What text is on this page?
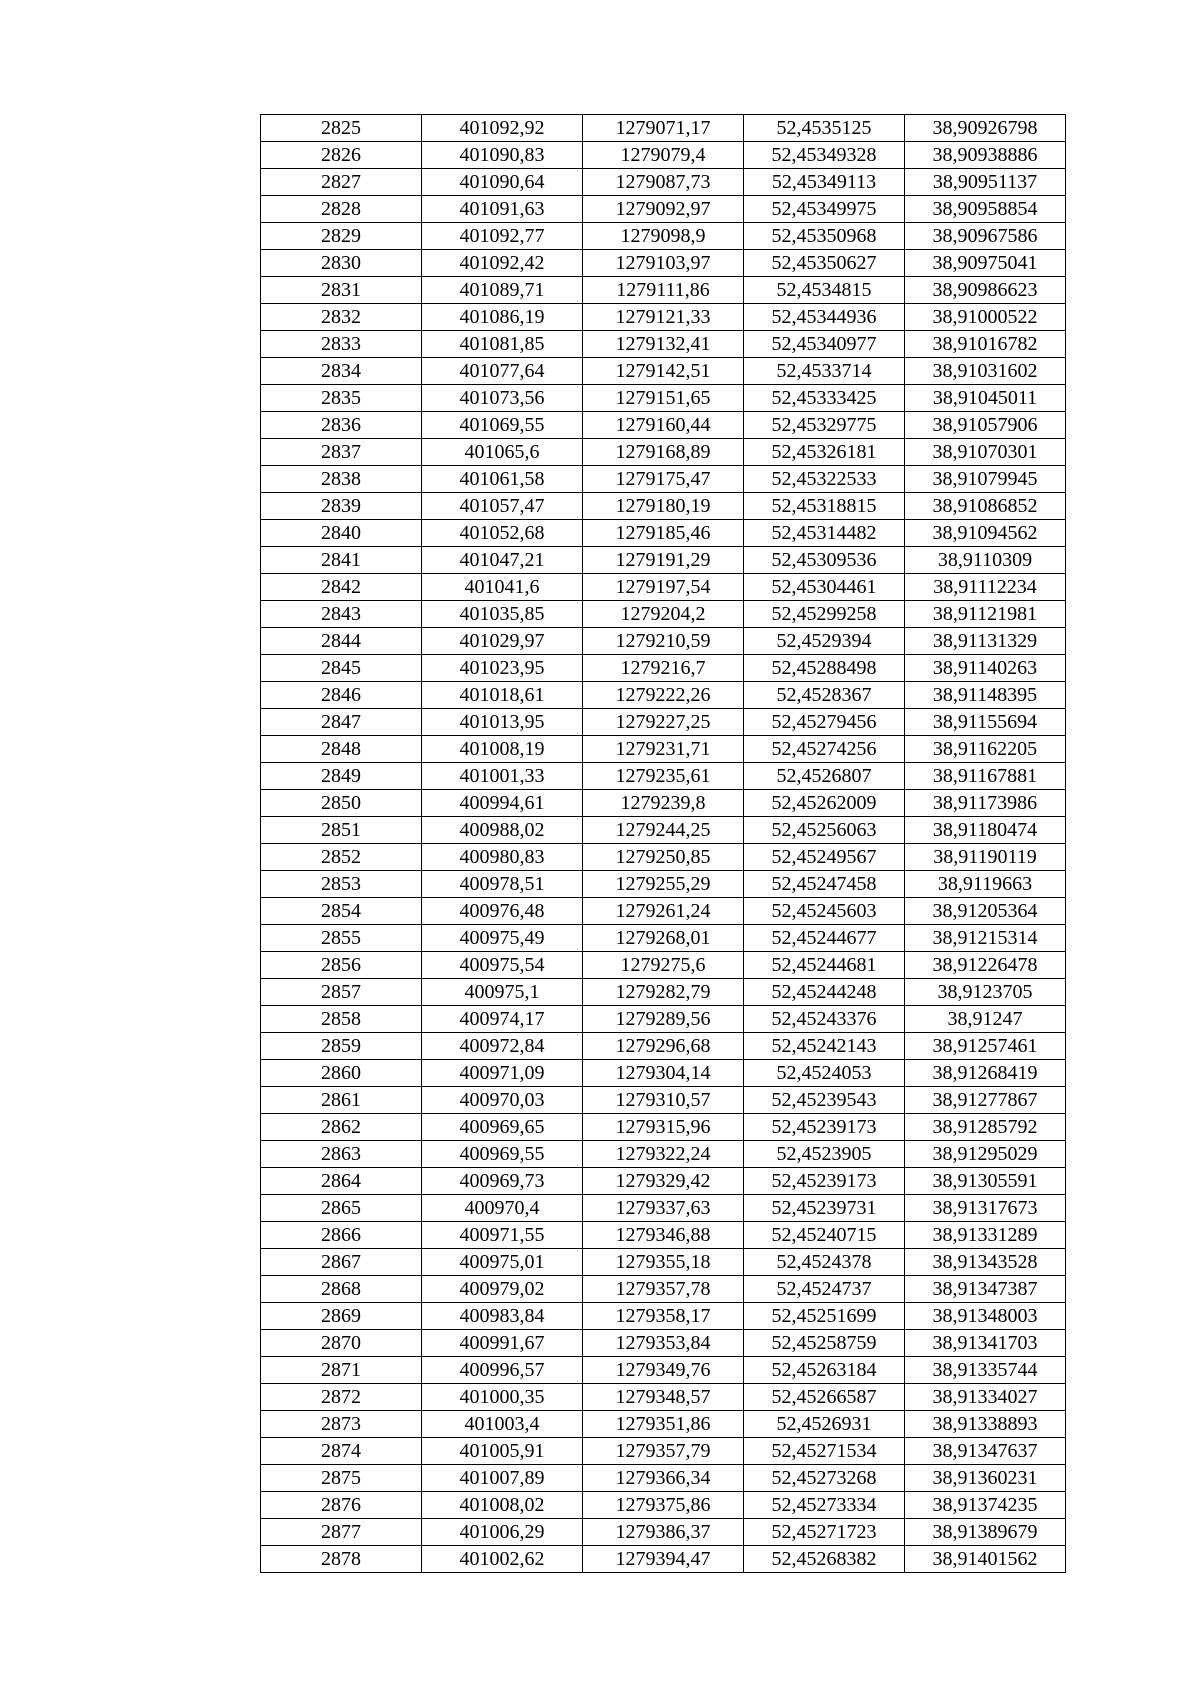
2825	401092,92	1279071,17	52,4535125	38,90926798
2826	401090,83	1279079,4	52,45349328	38,90938886
2827	401090,64	1279087,73	52,45349113	38,90951137
2828	401091,63	1279092,97	52,45349975	38,90958854
2829	401092,77	1279098,9	52,45350968	38,90967586
2830	401092,42	1279103,97	52,45350627	38,90975041
2831	401089,71	1279111,86	52,4534815	38,90986623
2832	401086,19	1279121,33	52,45344936	38,91000522
2833	401081,85	1279132,41	52,45340977	38,91016782
2834	401077,64	1279142,51	52,4533714	38,91031602
2835	401073,56	1279151,65	52,45333425	38,91045011
2836	401069,55	1279160,44	52,45329775	38,91057906
2837	401065,6	1279168,89	52,45326181	38,91070301
2838	401061,58	1279175,47	52,45322533	38,91079945
2839	401057,47	1279180,19	52,45318815	38,91086852
2840	401052,68	1279185,46	52,45314482	38,91094562
2841	401047,21	1279191,29	52,45309536	38,9110309
2842	401041,6	1279197,54	52,45304461	38,91112234
2843	401035,85	1279204,2	52,45299258	38,91121981
2844	401029,97	1279210,59	52,4529394	38,91131329
2845	401023,95	1279216,7	52,45288498	38,91140263
2846	401018,61	1279222,26	52,4528367	38,91148395
2847	401013,95	1279227,25	52,45279456	38,91155694
2848	401008,19	1279231,71	52,45274256	38,91162205
2849	401001,33	1279235,61	52,4526807	38,91167881
2850	400994,61	1279239,8	52,45262009	38,91173986
2851	400988,02	1279244,25	52,45256063	38,91180474
2852	400980,83	1279250,85	52,45249567	38,91190119
2853	400978,51	1279255,29	52,45247458	38,9119663
2854	400976,48	1279261,24	52,45245603	38,91205364
2855	400975,49	1279268,01	52,45244677	38,91215314
2856	400975,54	1279275,6	52,45244681	38,91226478
2857	400975,1	1279282,79	52,45244248	38,9123705
2858	400974,17	1279289,56	52,45243376	38,91247
2859	400972,84	1279296,68	52,45242143	38,91257461
2860	400971,09	1279304,14	52,4524053	38,91268419
2861	400970,03	1279310,57	52,45239543	38,91277867
2862	400969,65	1279315,96	52,45239173	38,91285792
2863	400969,55	1279322,24	52,4523905	38,91295029
2864	400969,73	1279329,42	52,45239173	38,91305591
2865	400970,4	1279337,63	52,45239731	38,91317673
2866	400971,55	1279346,88	52,45240715	38,91331289
2867	400975,01	1279355,18	52,4524378	38,91343528
2868	400979,02	1279357,78	52,4524737	38,91347387
2869	400983,84	1279358,17	52,45251699	38,91348003
2870	400991,67	1279353,84	52,45258759	38,91341703
2871	400996,57	1279349,76	52,45263184	38,91335744
2872	401000,35	1279348,57	52,45266587	38,91334027
2873	401003,4	1279351,86	52,4526931	38,91338893
2874	401005,91	1279357,79	52,45271534	38,91347637
2875	401007,89	1279366,34	52,45273268	38,91360231
2876	401008,02	1279375,86	52,45273334	38,91374235
2877	401006,29	1279386,37	52,45271723	38,91389679
2878	401002,62	1279394,47	52,45268382	38,91401562
